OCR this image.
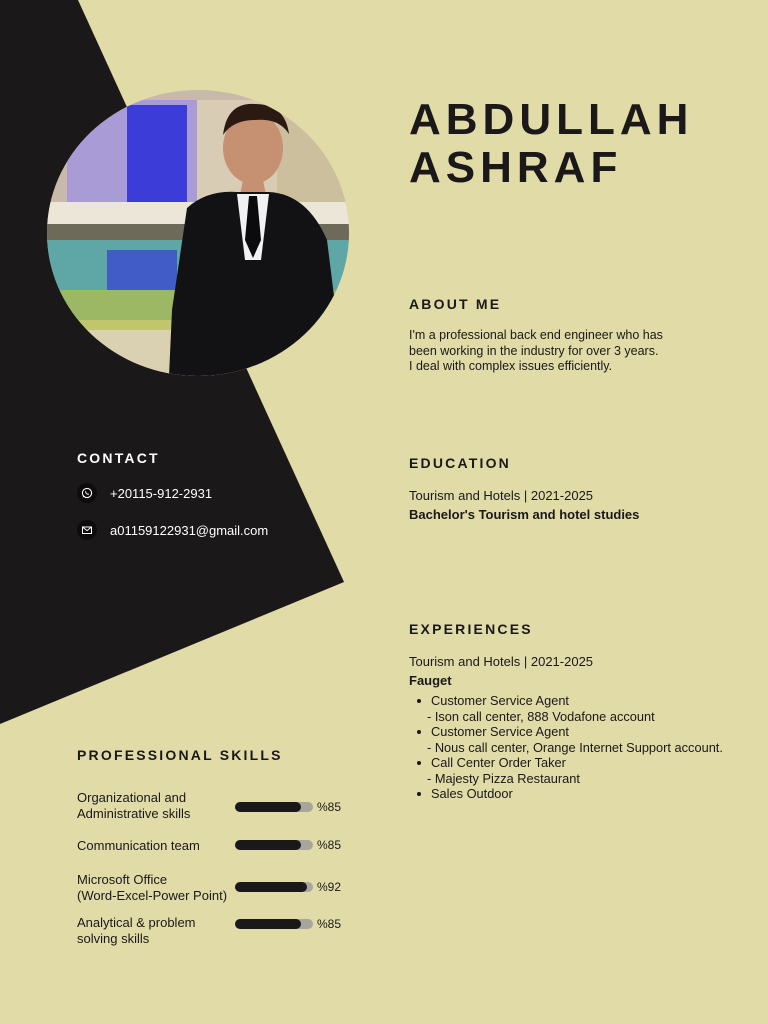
ABDULLAH
ASHRAF
ABOUT ME
I'm a professional back end engineer who has
been working in the industry for over 3 years.
I deal with complex issues efficiently.
CONTACT
+20115-912-2931
a01159122931@gmail.com
EDUCATION
Tourism and Hotels | 2021-2025
Bachelor's Tourism and hotel studies
EXPERIENCES
Tourism and Hotels | 2021-2025
Fauget
Customer Service Agent
- Ison call center, 888 Vodafone account
Customer Service Agent
- Nous call center, Orange Internet Support account.
Call Center Order Taker
- Majesty Pizza Restaurant
Sales Outdoor
PROFESSIONAL SKILLS
Organizational and
Administrative skills	%85
Communication team	%85
Microsoft Office
(Word-Excel-Power Point)
%92
Analytical & problem
solving skills
%85
